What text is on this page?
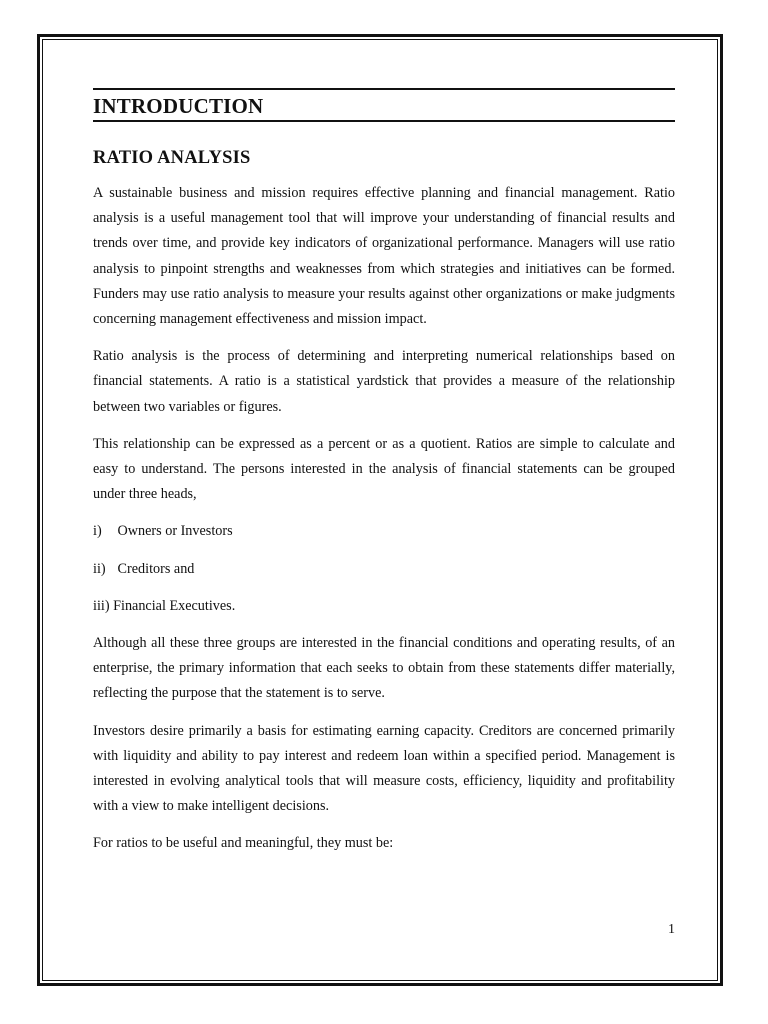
INTRODUCTION
RATIO ANALYSIS

A sustainable business and mission requires effective planning and financial management. Ratio analysis is a useful management tool that will improve your understanding of financial results and trends over time, and provide key indicators of organizational performance. Managers will use ratio analysis to pinpoint strengths and weaknesses from which strategies and initiatives can be formed. Funders may use ratio analysis to measure your results against other organizations or make judgments concerning management effectiveness and mission impact.

Ratio analysis is the process of determining and interpreting numerical relationships based on financial statements. A ratio is a statistical yardstick that provides a measure of the relationship between two variables or figures.

This relationship can be expressed as a percent or as a quotient. Ratios are simple to calculate and easy to understand. The persons interested in the analysis of financial statements can be grouped under three heads,

i) Owners or Investors
ii) Creditors and
iii) Financial Executives.

Although all these three groups are interested in the financial conditions and operating results, of an enterprise, the primary information that each seeks to obtain from these statements differ materially, reflecting the purpose that the statement is to serve.

Investors desire primarily a basis for estimating earning capacity. Creditors are concerned primarily with liquidity and ability to pay interest and redeem loan within a specified period. Management is interested in evolving analytical tools that will measure costs, efficiency, liquidity and profitability with a view to make intelligent decisions.

For ratios to be useful and meaningful, they must be:

1
